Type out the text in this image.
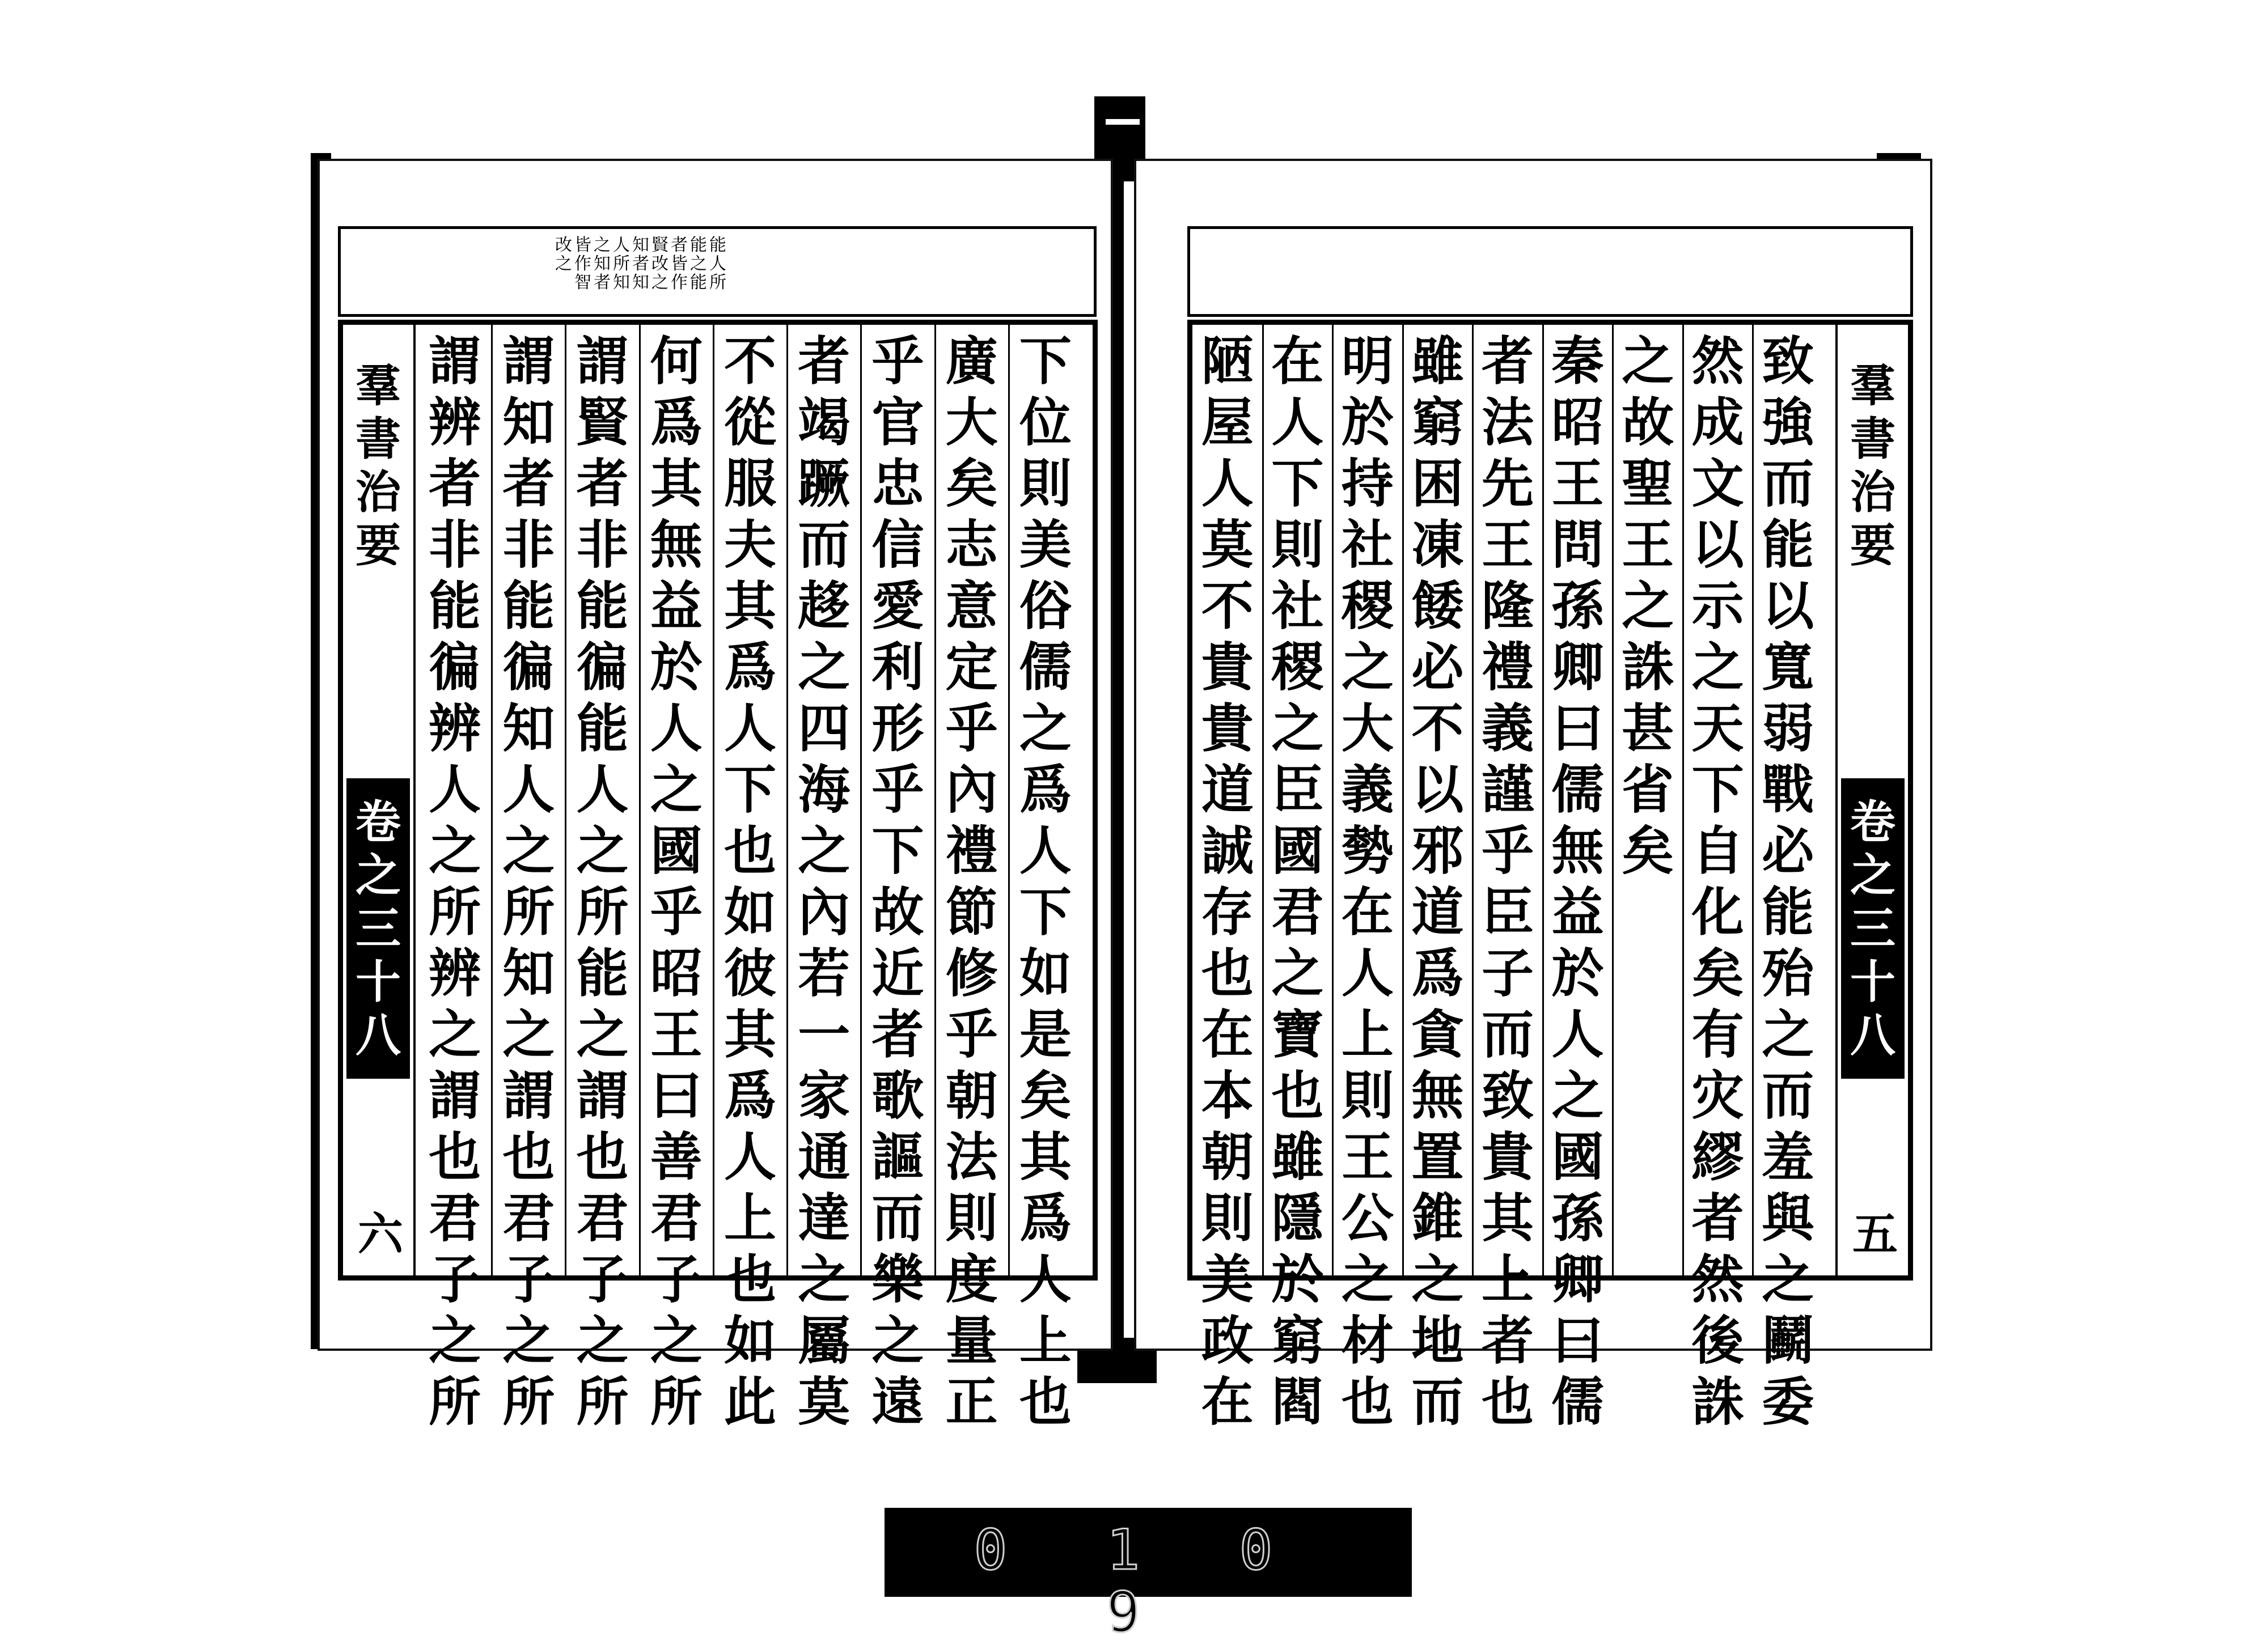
能人所
能之能
者皆作
賢改之
知者知
人所知
之知者
皆作智
改之
下位則美俗儒之爲人下如是矣其爲人上也
廣大矣志意定乎內禮節修乎朝法則度量正
乎官忠信愛利形乎下故近者歌謳而樂之遠
者竭蹶而趍之四海之內若一家通達之屬莫
不從服夫其爲人下也如彼其爲人上也如此
何爲其無益於人之國乎昭王曰善君子之所
謂賢者非能徧能人之所能之謂也君子之所
謂知者非能徧知人之所知之謂也君子之所
謂辨者非能徧辨人之所辨之謂也君子之所
羣書治要
卷之三十八
六
致強而能以寬弱戰必能殆之而羞與之鬬委
然成文以示之天下自化矣有灾繆者然後誅
之故聖王之誅甚省矣
秦昭王問孫卿曰儒無益於人之國孫卿曰儒
者法先王隆禮義謹乎臣子而致貴其上者也
雖窮困凍餧必不以邪道爲貪無置錐之地而
明於持社稷之大義勢在人上則王公之材也
在人下則社稷之臣國君之寶也雖隱於窮閻
陋屋人莫不貴貴道誠存也在本朝則美政在
羣書治要
卷之三十八
五
0 1 0 9
